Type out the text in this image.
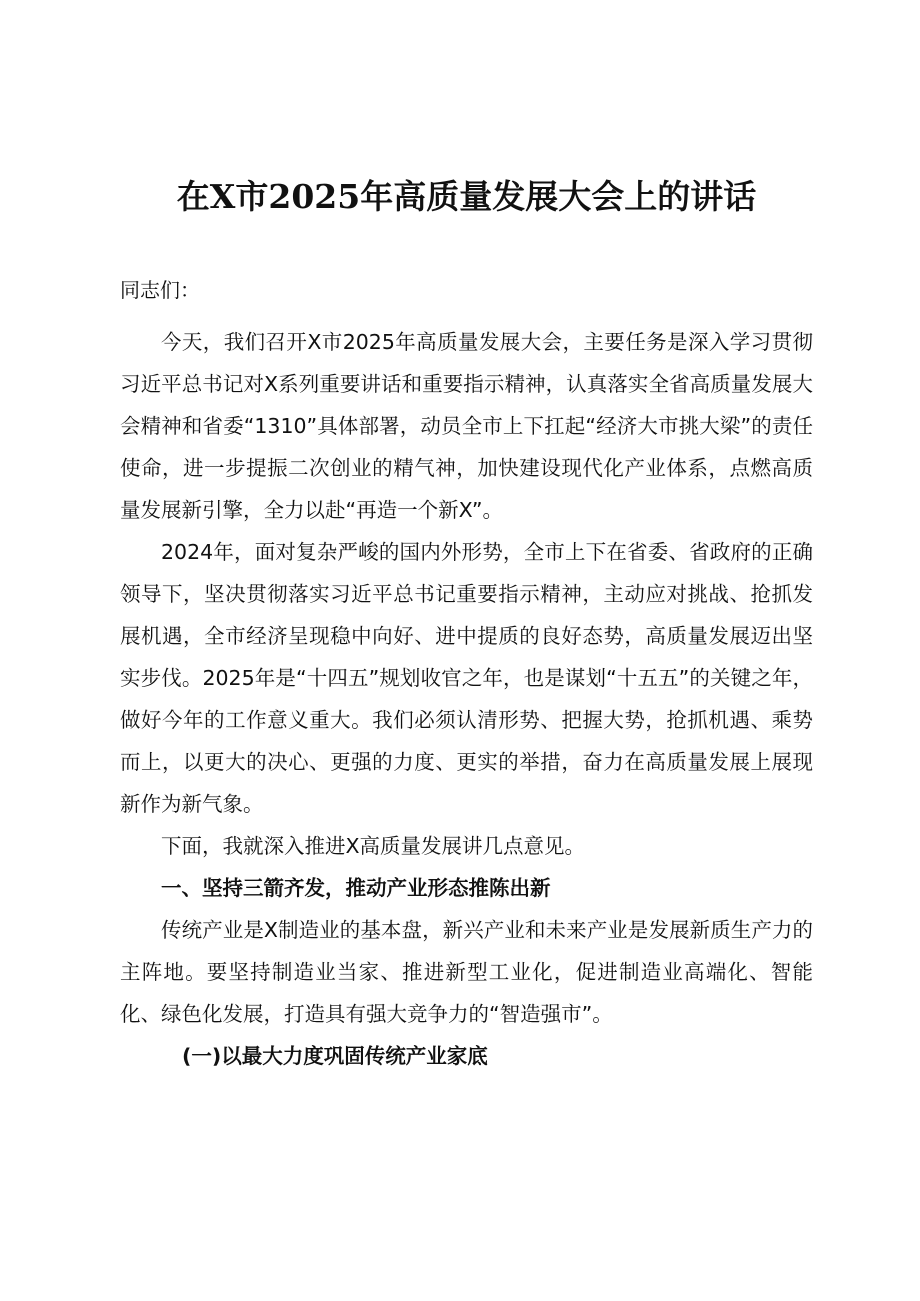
在X市2025年高质量发展大会上的讲话

同志们：

今天，我们召开X市2025年高质量发展大会，主要任务是深入学习贯彻习近平总书记对X系列重要讲话和重要指示精神，认真落实全省高质量发展大会精神和省委“1310”具体部署，动员全市上下扛起“经济大市挑大梁”的责任使命，进一步提振二次创业的精气神，加快建设现代化产业体系，点燃高质量发展新引擎，全力以赴“再造一个新X”。

2024年，面对复杂严峻的国内外形势，全市上下在省委、省政府的正确领导下，坚决贯彻落实习近平总书记重要指示精神，主动应对挑战、抢抓发展机遇，全市经济呈现稳中向好、进中提质的良好态势，高质量发展迈出坚实步伐。2025年是“十四五”规划收官之年，也是谋划“十五五”的关键之年，做好今年的工作意义重大。我们必须认清形势、把握大势，抢抓机遇、乘势而上，以更大的决心、更强的力度、更实的举措，奋力在高质量发展上展现新作为新气象。

下面，我就深入推进X高质量发展讲几点意见。

一、坚持三箭齐发，推动产业形态推陈出新

传统产业是X制造业的基本盘，新兴产业和未来产业是发展新质生产力的主阵地。要坚持制造业当家、推进新型工业化，促进制造业高端化、智能化、绿色化发展，打造具有强大竞争力的“智造强市”。

(一)以最大力度巩固传统产业家底
